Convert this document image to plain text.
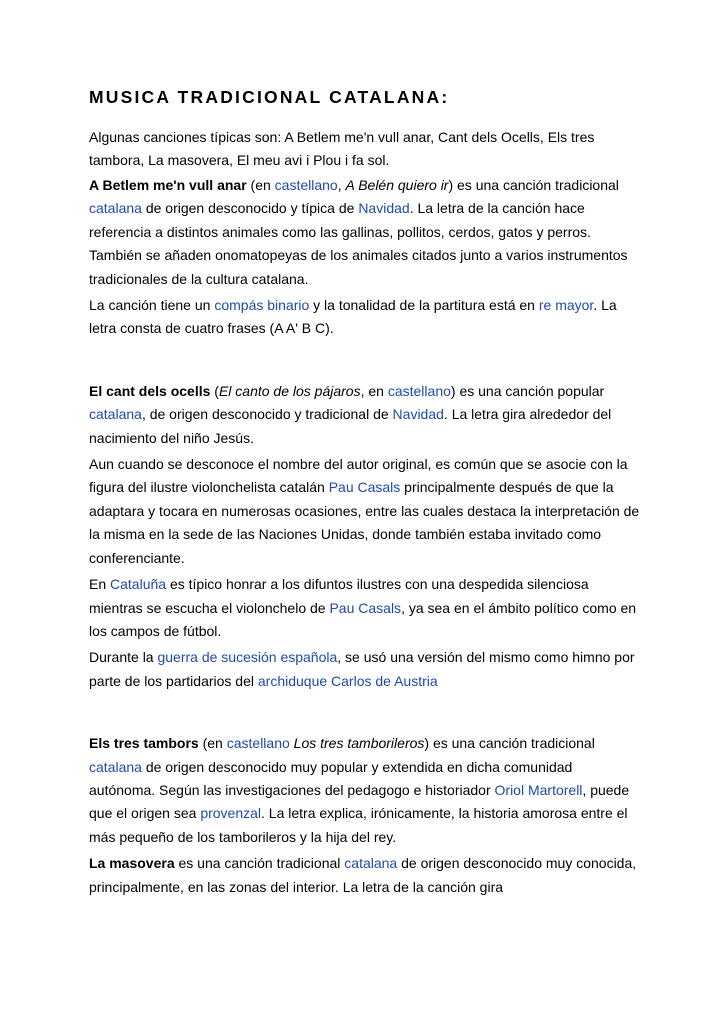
MUSICA TRADICIONAL CATALANA:

Algunas canciones típicas son: A Betlem me'n vull anar, Cant dels Ocells, Els tres tambora, La masovera, El meu avi i Plou i fa sol.

A Betlem me'n vull anar (en castellano, A Belén quiero ir) es una canción tradicional catalana de origen desconocido y típica de Navidad. La letra de la canción hace referencia a distintos animales como las gallinas, pollitos, cerdos, gatos y perros. También se añaden onomatopeyas de los animales citados junto a varios instrumentos tradicionales de la cultura catalana.

La canción tiene un compás binario y la tonalidad de la partitura está en re mayor. La letra consta de cuatro frases (A A' B C).

El cant dels ocells (El canto de los pájaros, en castellano) es una canción popular catalana, de origen desconocido y tradicional de Navidad. La letra gira alrededor del nacimiento del niño Jesús.

Aun cuando se desconoce el nombre del autor original, es común que se asocie con la figura del ilustre violonchelista catalán Pau Casals principalmente después de que la adaptara y tocara en numerosas ocasiones, entre las cuales destaca la interpretación de la misma en la sede de las Naciones Unidas, donde también estaba invitado como conferenciante.

En Cataluña es típico honrar a los difuntos ilustres con una despedida silenciosa mientras se escucha el violonchelo de Pau Casals, ya sea en el ámbito político como en los campos de fútbol.

Durante la guerra de sucesión española, se usó una versión del mismo como himno por parte de los partidarios del archiduque Carlos de Austria

Els tres tambors (en castellano Los tres tamborileros) es una canción tradicional catalana de origen desconocido muy popular y extendida en dicha comunidad autónoma. Según las investigaciones del pedagogo e historiador Oriol Martorell, puede que el origen sea provenzal. La letra explica, irónicamente, la historia amorosa entre el más pequeño de los tamborileros y la hija del rey.

La masovera es una canción tradicional catalana de origen desconocido muy conocida, principalmente, en las zonas del interior. La letra de la canción gira
